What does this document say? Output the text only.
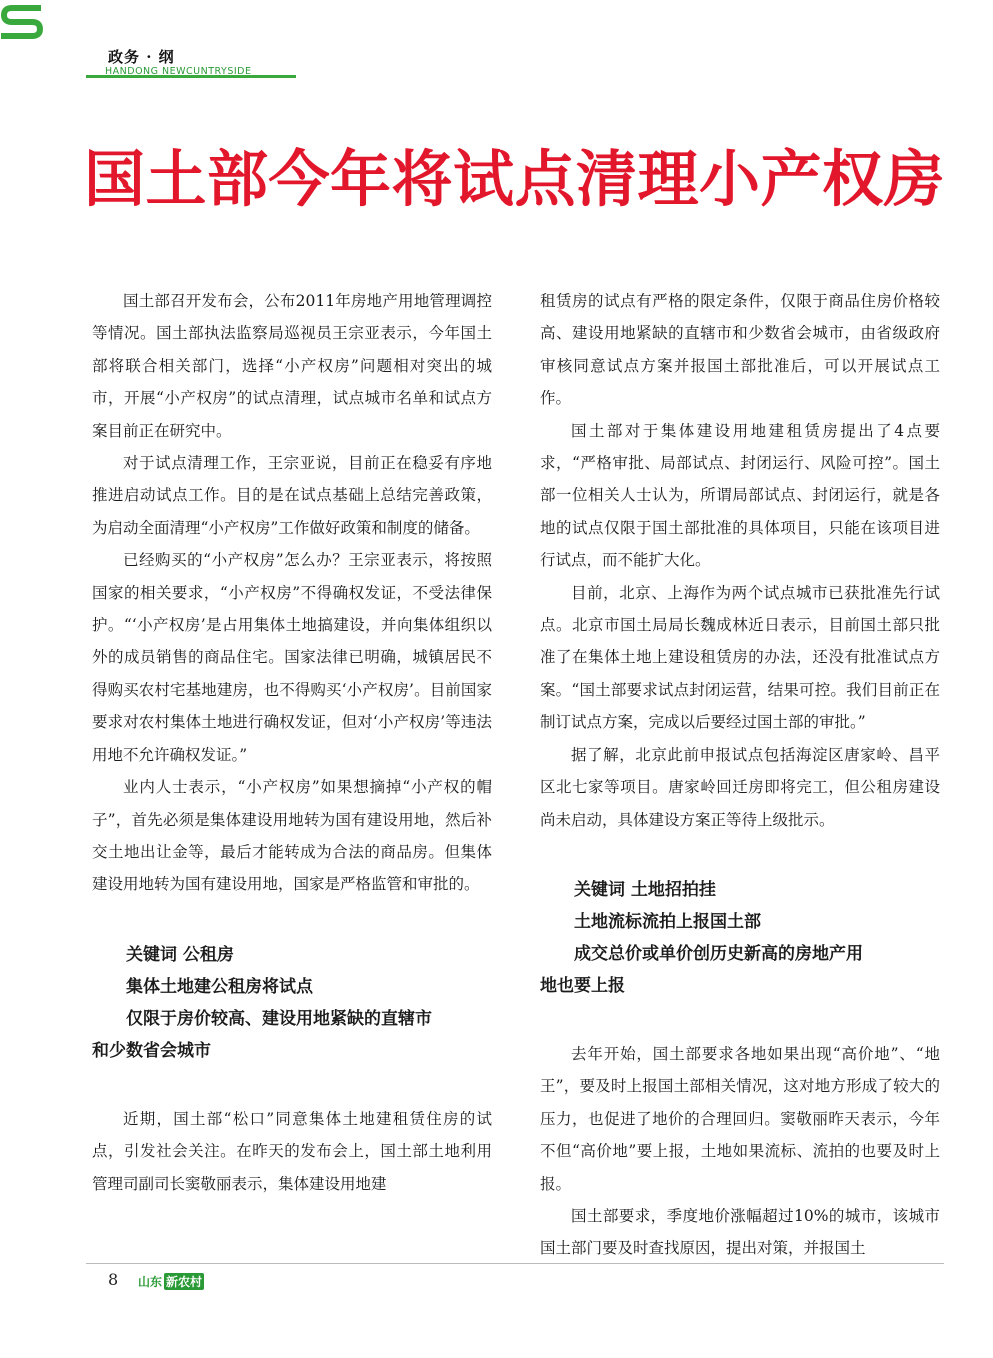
政务 · 纲
HANDONG NEWCUNTRYSIDE
国土部今年将试点清理小产权房

国土部召开发布会，公布2011年房地产用地管理调控等情况。国土部执法监察局巡视员王宗亚表示，今年国土部将联合相关部门，选择“小产权房”问题相对突出的城市，开展“小产权房”的试点清理，试点城市名单和试点方案目前正在研究中。

对于试点清理工作，王宗亚说，目前正在稳妥有序地推进启动试点工作。目的是在试点基础上总结完善政策，为启动全面清理“小产权房”工作做好政策和制度的储备。

已经购买的“小产权房”怎么办？王宗亚表示，将按照国家的相关要求，“小产权房”不得确权发证，不受法律保护。“‘小产权房’是占用集体土地搞建设，并向集体组织以外的成员销售的商品住宅。国家法律已明确，城镇居民不得购买农村宅基地建房，也不得购买‘小产权房’。目前国家要求对农村集体土地进行确权发证，但对‘小产权房’等违法用地不允许确权发证。”

业内人士表示，“小产权房”如果想摘掉“小产权的帽子”，首先必须是集体建设用地转为国有建设用地，然后补交土地出让金等，最后才能转成为合法的商品房。但集体建设用地转为国有建设用地，国家是严格监管和审批的。

关键词 公租房

集体土地建公租房将试点

仅限于房价较高、建设用地紧缺的直辖市

和少数省会城市

近期，国土部“松口”同意集体土地建租赁住房的试点，引发社会关注。在昨天的发布会上，国土部土地利用管理司副司长窦敬丽表示，集体建设用地建

租赁房的试点有严格的限定条件，仅限于商品住房价格较高、建设用地紧缺的直辖市和少数省会城市，由省级政府审核同意试点方案并报国土部批准后，可以开展试点工作。

国土部对于集体建设用地建租赁房提出了4点要求，“严格审批、局部试点、封闭运行、风险可控”。国土部一位相关人士认为，所谓局部试点、封闭运行，就是各地的试点仅限于国土部批准的具体项目，只能在该项目进行试点，而不能扩大化。

目前，北京、上海作为两个试点城市已获批准先行试点。北京市国土局局长魏成林近日表示，目前国土部只批准了在集体土地上建设租赁房的办法，还没有批准试点方案。“国土部要求试点封闭运营，结果可控。我们目前正在制订试点方案，完成以后要经过国土部的审批。”

据了解，北京此前申报试点包括海淀区唐家岭、昌平区北七家等项目。唐家岭回迁房即将完工，但公租房建设尚未启动，具体建设方案正等待上级批示。

关键词 土地招拍挂

土地流标流拍上报国土部

成交总价或单价创历史新高的房地产用

地也要上报

去年开始，国土部要求各地如果出现“高价地”、“地王”，要及时上报国土部相关情况，这对地方形成了较大的压力，也促进了地价的合理回归。窦敬丽昨天表示，今年不但“高价地”要上报，土地如果流标、流拍的也要及时上报。

国土部要求，季度地价涨幅超过10%的城市，该城市国土部门要及时查找原因，提出对策，并报国土

8 山东 新农村
